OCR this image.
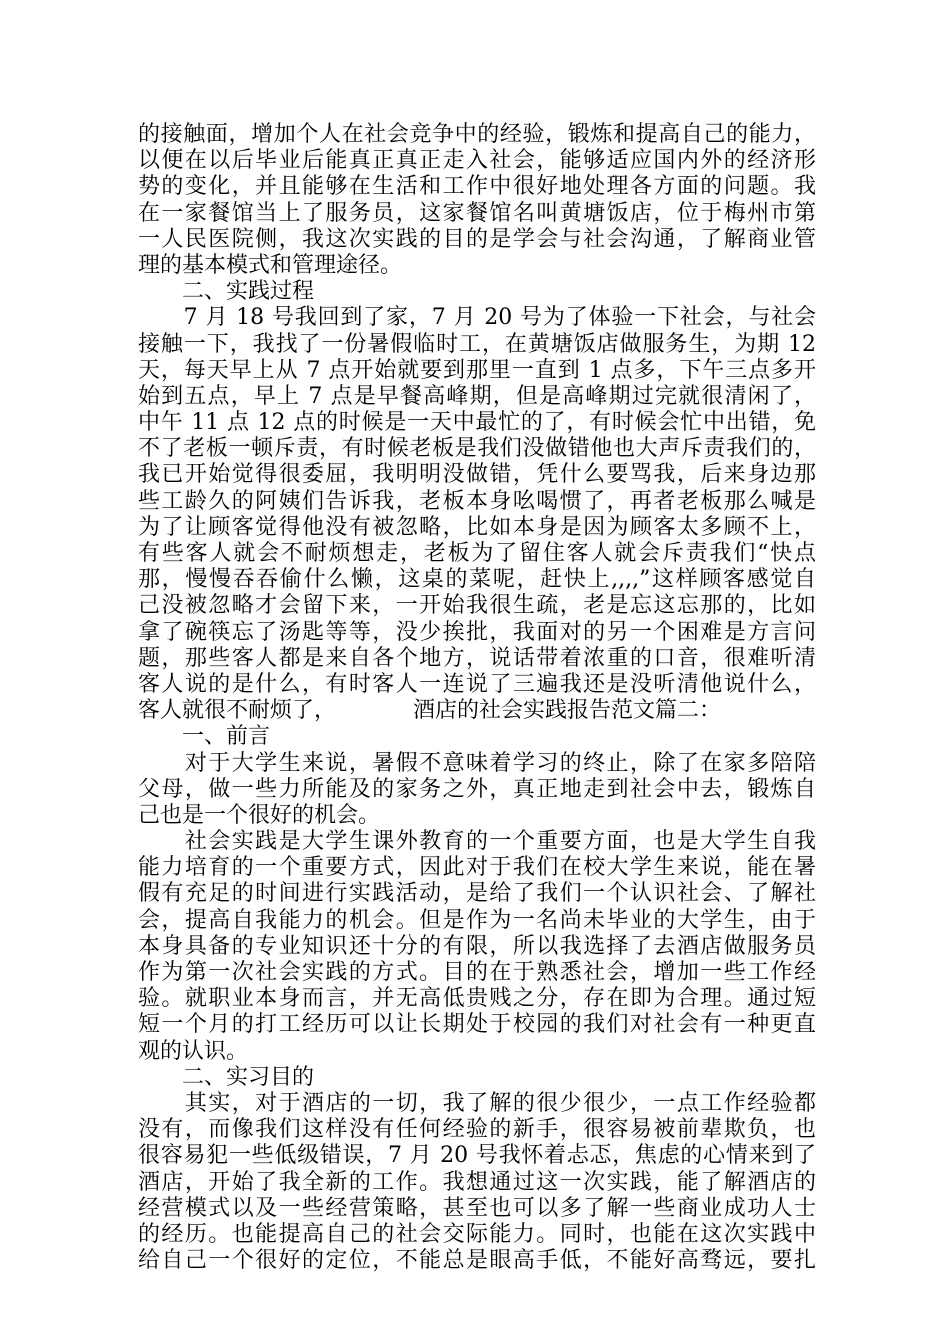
的接触面，增加个人在社会竞争中的经验，锻炼和提高自己的能力，
以便在以后毕业后能真正真正走入社会，能够适应国内外的经济形
势的变化，并且能够在生活和工作中很好地处理各方面的问题。我
在一家餐馆当上了服务员，这家餐馆名叫黄塘饭店，位于梅州市第
一人民医院侧，我这次实践的目的是学会与社会沟通，了解商业管
理的基本模式和管理途径。
　　二、实践过程
　　7 月 18 号我回到了家，7 月 20 号为了体验一下社会，与社会
接触一下，我找了一份暑假临时工，在黄塘饭店做服务生，为期 12
天，每天早上从 7 点开始就要到那里一直到 1 点多，下午三点多开
始到五点，早上 7 点是早餐高峰期，但是高峰期过完就很清闲了，
中午 11 点 12 点的时候是一天中最忙的了，有时候会忙中出错，免
不了老板一顿斥责，有时候老板是我们没做错他也大声斥责我们的，
我已开始觉得很委屈，我明明没做错，凭什么要骂我，后来身边那
些工龄久的阿姨们告诉我，老板本身吆喝惯了，再者老板那么喊是
为了让顾客觉得他没有被忽略，比如本身是因为顾客太多顾不上，
有些客人就会不耐烦想走，老板为了留住客人就会斥责我们“快点
那，慢慢吞吞偷什么懒，这桌的菜呢，赶快上,,,,”这样顾客感觉自
己没被忽略才会留下来，一开始我很生疏，老是忘这忘那的，比如
拿了碗筷忘了汤匙等等，没少挨批，我面对的另一个困难是方言问
题，那些客人都是来自各个地方，说话带着浓重的口音，很难听清
客人说的是什么，有时客人一连说了三遍我还是没听清他说什么，
客人就很不耐烦了，　　　　酒店的社会实践报告范文篇二：
　　一、前言
　　对于大学生来说，暑假不意味着学习的终止，除了在家多陪陪
父母，做一些力所能及的家务之外，真正地走到社会中去，锻炼自
己也是一个很好的机会。
　　社会实践是大学生课外教育的一个重要方面，也是大学生自我
能力培育的一个重要方式，因此对于我们在校大学生来说，能在暑
假有充足的时间进行实践活动，是给了我们一个认识社会、了解社
会，提高自我能力的机会。但是作为一名尚未毕业的大学生，由于
本身具备的专业知识还十分的有限，所以我选择了去酒店做服务员
作为第一次社会实践的方式。目的在于熟悉社会，增加一些工作经
验。就职业本身而言，并无高低贵贱之分，存在即为合理。通过短
短一个月的打工经历可以让长期处于校园的我们对社会有一种更直
观的认识。
　　二、实习目的
　　其实，对于酒店的一切，我了解的很少很少，一点工作经验都
没有，而像我们这样没有任何经验的新手，很容易被前辈欺负，也
很容易犯一些低级错误，7 月 20 号我怀着忐忑，焦虑的心情来到了
酒店，开始了我全新的工作。我想通过这一次实践，能了解酒店的
经营模式以及一些经营策略，甚至也可以多了解一些商业成功人士
的经历。也能提高自己的社会交际能力。同时，也能在这次实践中
给自己一个很好的定位，不能总是眼高手低，不能好高骛远，要扎
